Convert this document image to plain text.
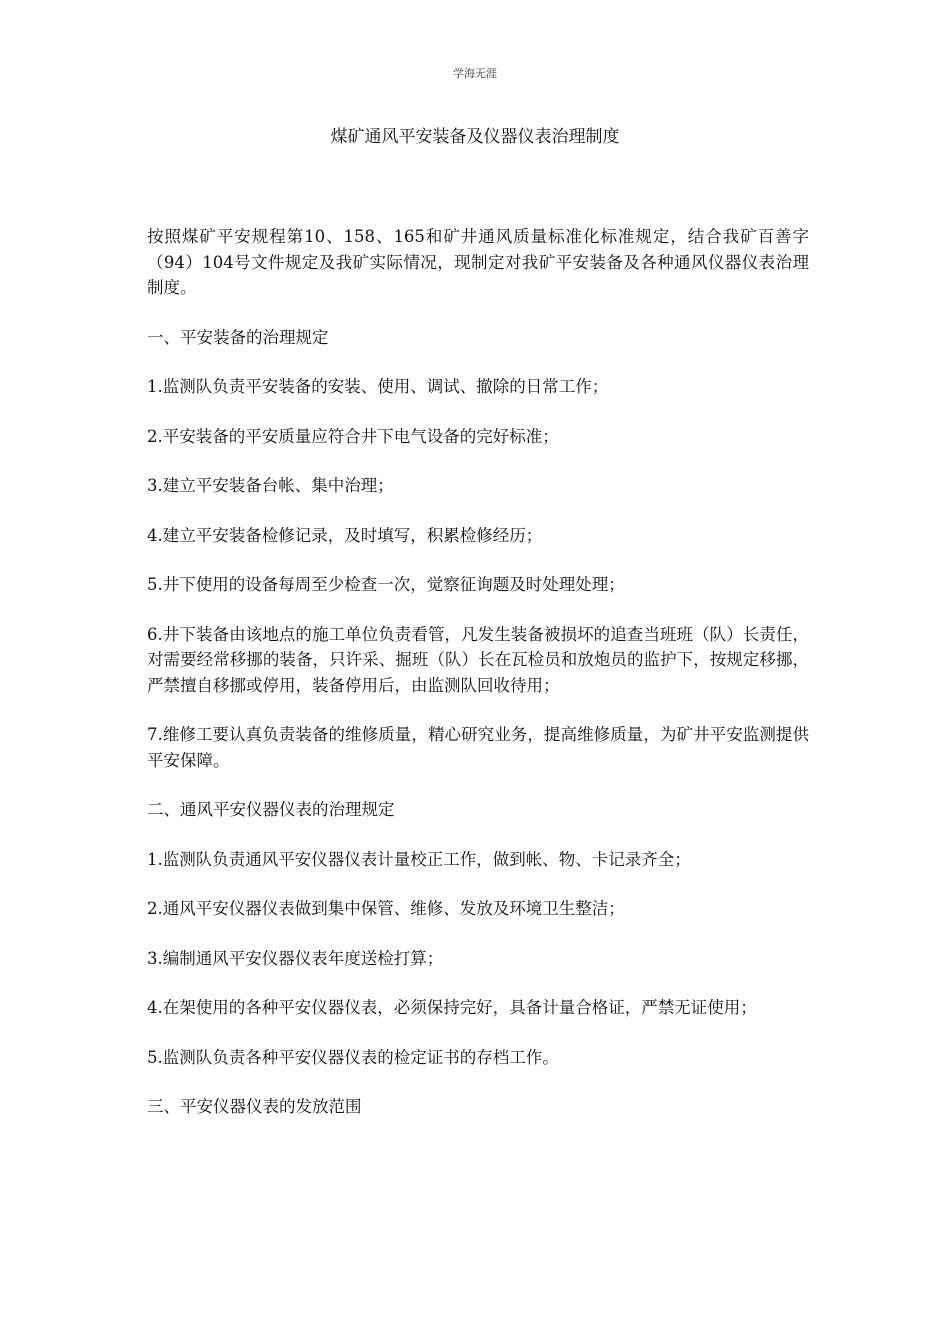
学海无涯
煤矿通风平安装备及仪器仪表治理制度

按照煤矿平安规程第10、158、165和矿井通风质量标准化标准规定，结合我矿百善字（94）104号文件规定及我矿实际情况，现制定对我矿平安装备及各种通风仪器仪表治理制度。

一、平安装备的治理规定

1.监测队负责平安装备的安装、使用、调试、撤除的日常工作；

2.平安装备的平安质量应符合井下电气设备的完好标准；

3.建立平安装备台帐、集中治理；

4.建立平安装备检修记录，及时填写，积累检修经历；

5.井下使用的设备每周至少检查一次，觉察征询题及时处理处理；

6.井下装备由该地点的施工单位负责看管，凡发生装备被损坏的追查当班班（队）长责任，对需要经常移挪的装备，只许采、掘班（队）长在瓦检员和放炮员的监护下，按规定移挪，严禁擅自移挪或停用，装备停用后，由监测队回收待用；

7.维修工要认真负责装备的维修质量，精心研究业务，提高维修质量，为矿井平安监测提供平安保障。

二、通风平安仪器仪表的治理规定

1.监测队负责通风平安仪器仪表计量校正工作，做到帐、物、卡记录齐全；

2.通风平安仪器仪表做到集中保管、维修、发放及环境卫生整洁；

3.编制通风平安仪器仪表年度送检打算；

4.在架使用的各种平安仪器仪表，必须保持完好，具备计量合格证，严禁无证使用；

5.监测队负责各种平安仪器仪表的检定证书的存档工作。

三、平安仪器仪表的发放范围
